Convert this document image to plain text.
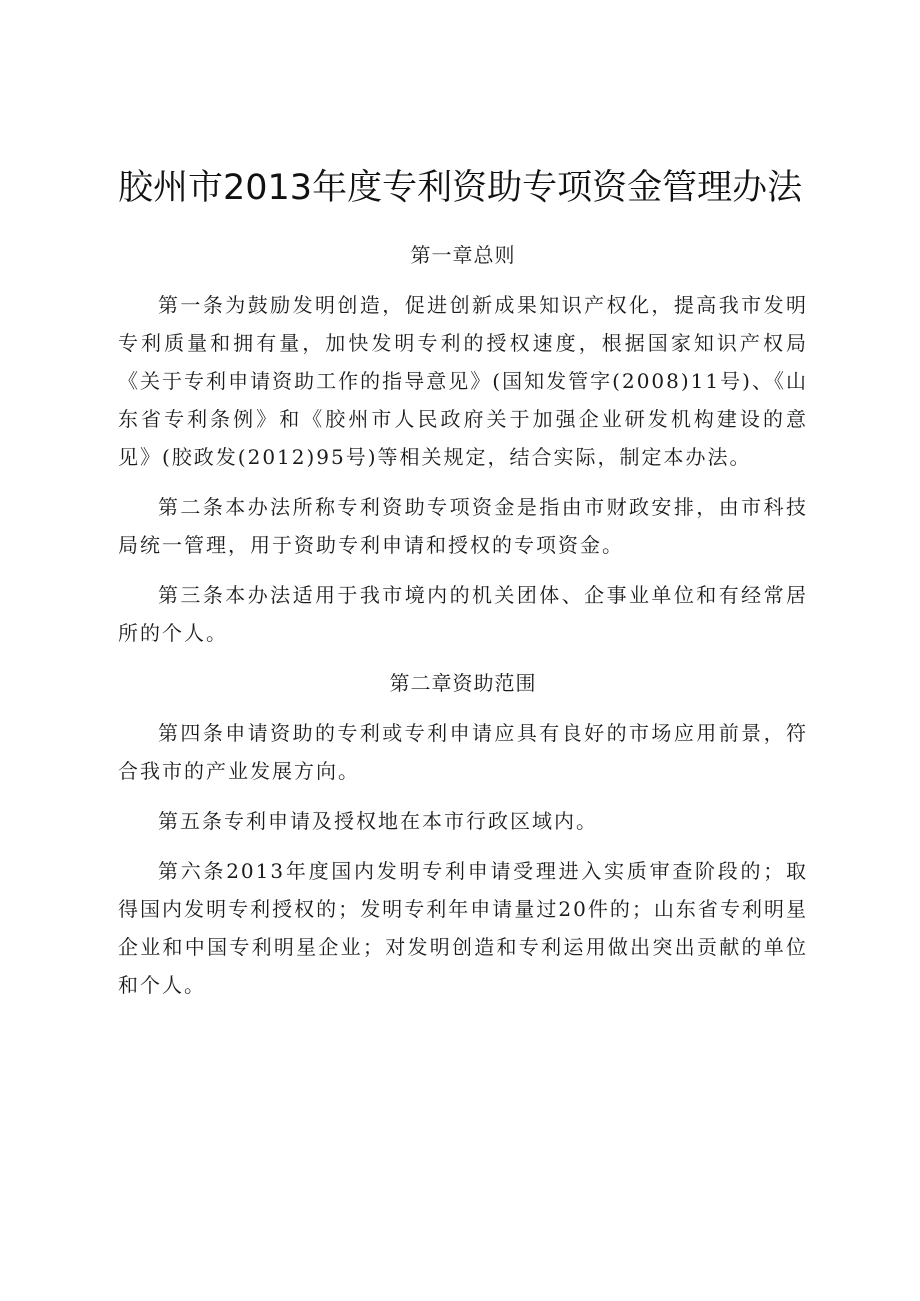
胶州市2013年度专利资助专项资金管理办法

第一章总则

第一条为鼓励发明创造，促进创新成果知识产权化，提高我市发明专利质量和拥有量，加快发明专利的授权速度，根据国家知识产权局《关于专利申请资助工作的指导意见》(国知发管字(2008)11号)、《山东省专利条例》和《胶州市人民政府关于加强企业研发机构建设的意见》(胶政发(2012)95号)等相关规定，结合实际，制定本办法。

第二条本办法所称专利资助专项资金是指由市财政安排，由市科技局统一管理，用于资助专利申请和授权的专项资金。

第三条本办法适用于我市境内的机关团体、企事业单位和有经常居所的个人。

第二章资助范围

第四条申请资助的专利或专利申请应具有良好的市场应用前景，符合我市的产业发展方向。

第五条专利申请及授权地在本市行政区域内。

第六条2013年度国内发明专利申请受理进入实质审查阶段的；取得国内发明专利授权的；发明专利年申请量过20件的；山东省专利明星企业和中国专利明星企业；对发明创造和专利运用做出突出贡献的单位和个人。
